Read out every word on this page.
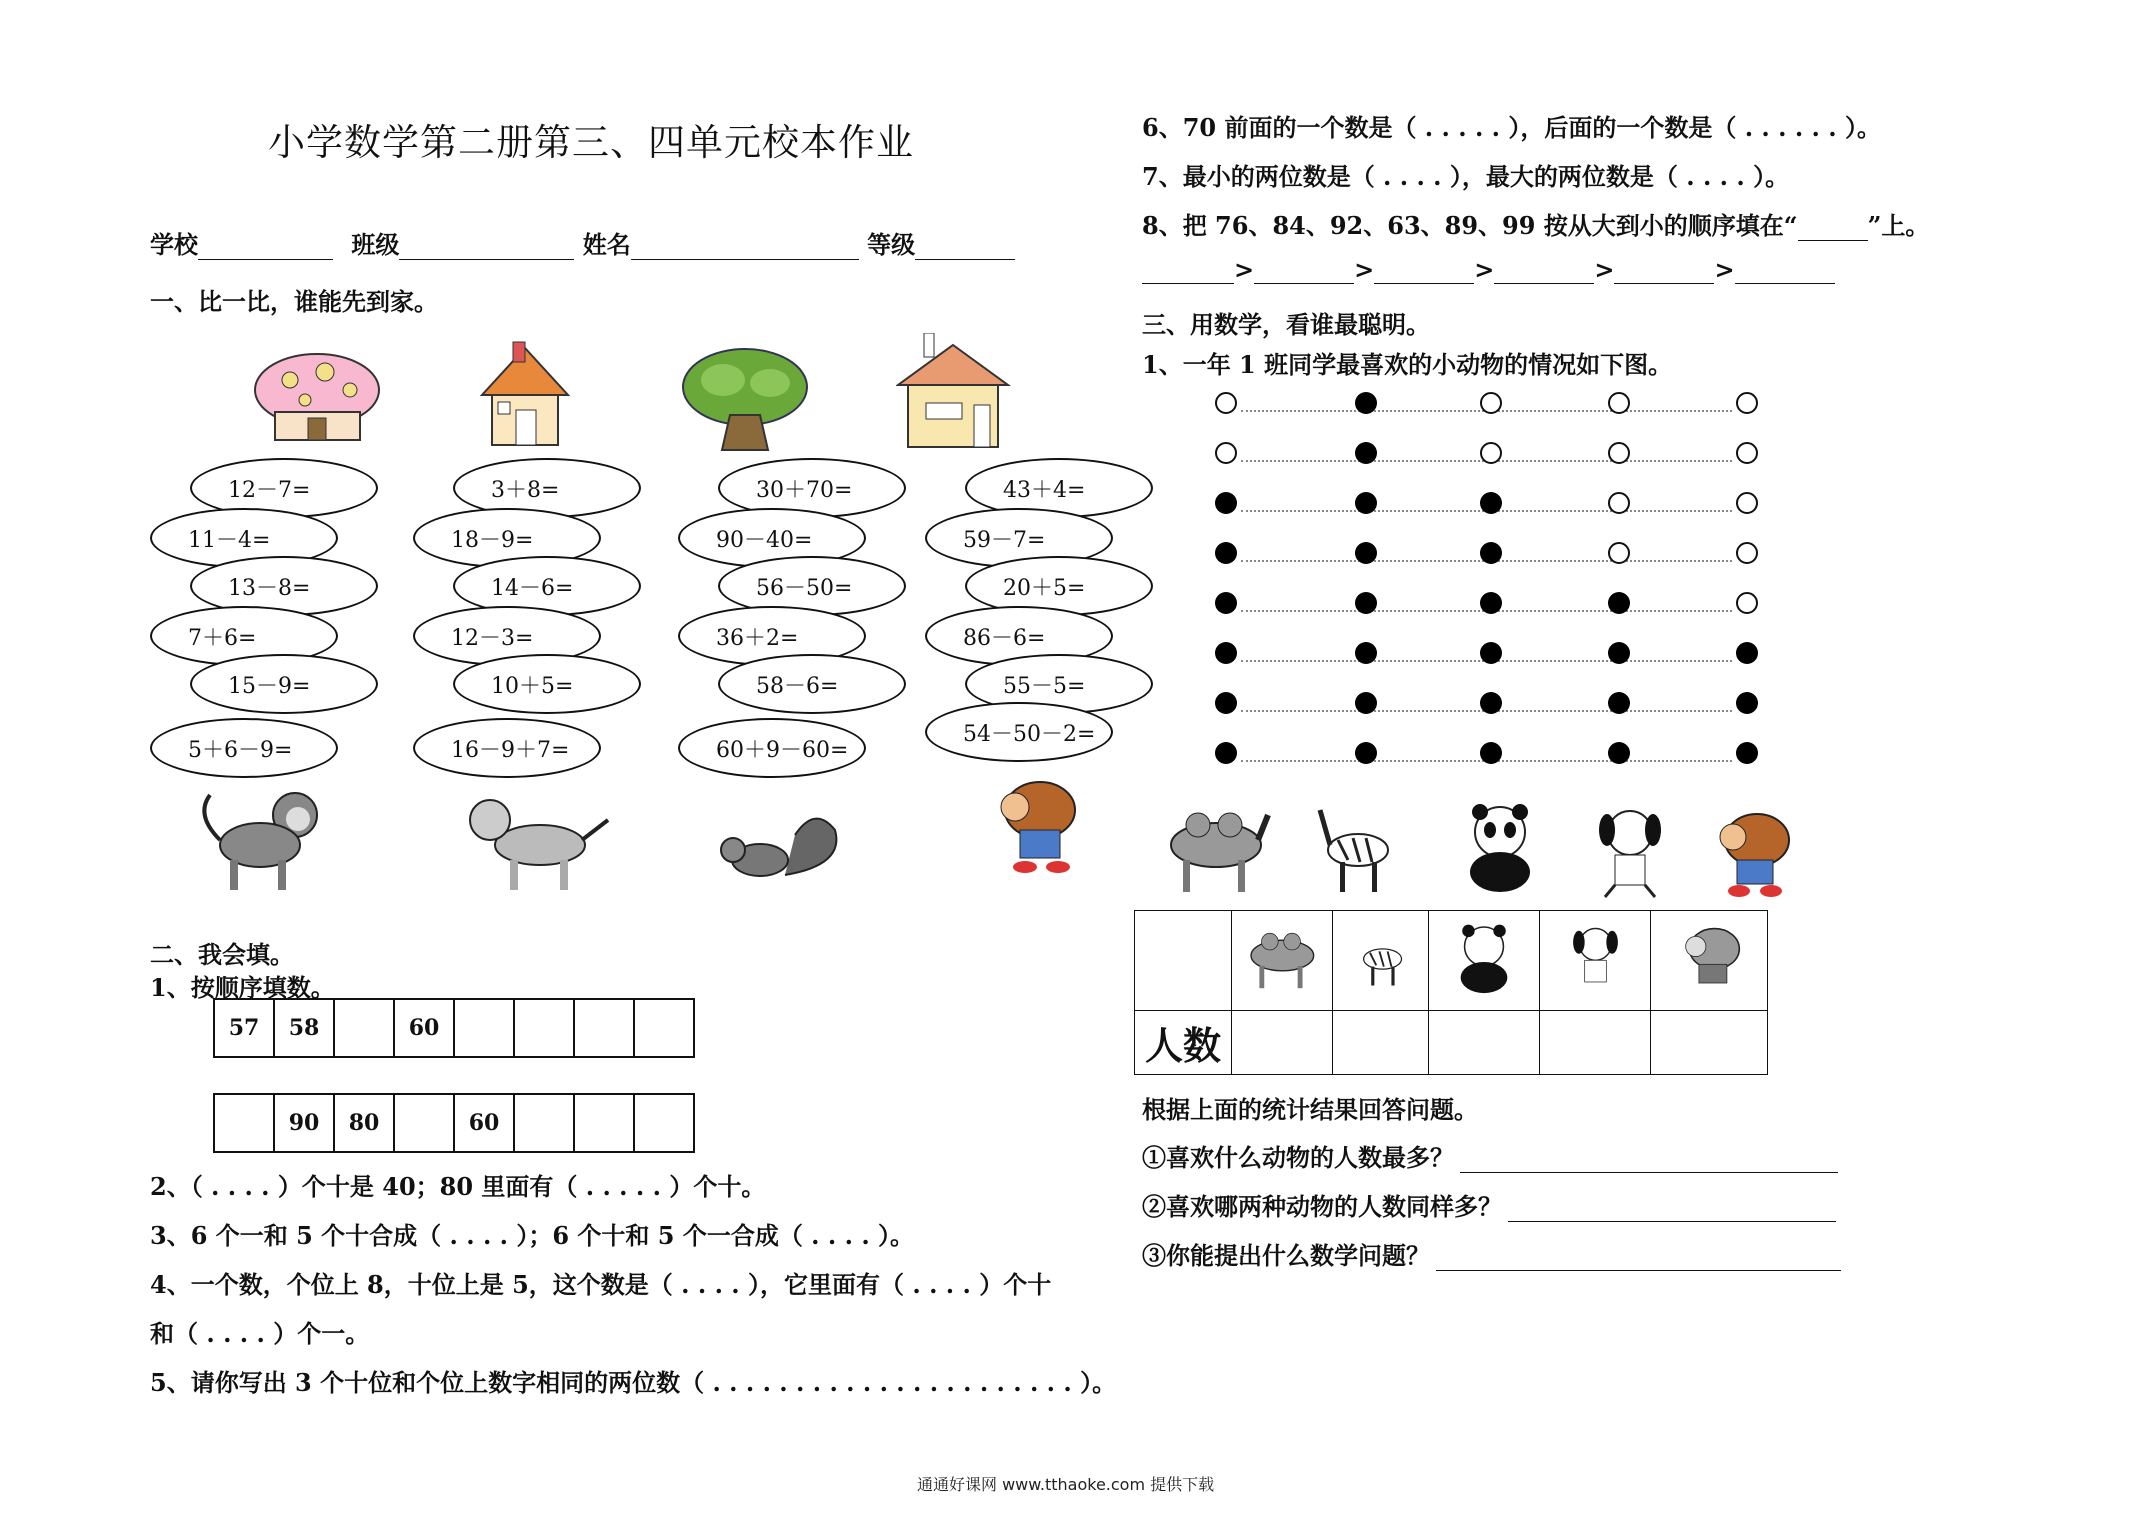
小学数学第二册第三、四单元校本作业
学校	班级	姓名	等级
一、比一比，谁能先到家。
12－7=
11－4=
13－8=
7＋6=
15－9=
5＋6－9=
3＋8=
18－9=
14－6=
12－3=
10＋5=
16－9＋7=
30＋70=
90－40=
56－50=
36＋2=
58－6=
60＋9－60=
43＋4=
59－7=
20＋5=
86－6=
55－5=
54－50－2=
二、我会填。
1、按顺序填数。
57	58		60				
	90	80		60			
2、（ . . . . ）个十是 40；80 里面有（ . . . . . ）个十。
3、6 个一和 5 个十合成（ . . . . ）；6 个十和 5 个一合成（ . . . . ）。
4、一个数，个位上 8，十位上是 5，这个数是（ . . . . ），它里面有（ . . . . ）个十
和（ . . . . ）个一。
5、请你写出 3 个十位和个位上数字相同的两位数（ . . . . . . . . . . . . . . . . . . . . . . ）。
6、70 前面的一个数是（ . . . . . ），后面的一个数是（ . . . . . . ）。
7、最小的两位数是（ . . . . ），最大的两位数是（ . . . . ）。
8、把 76、84、92、63、89、99 按从大到小的顺序填在“	”上。
>	>	>	>	>
三、用数学，看谁最聪明。
1、一年 1 班同学最喜欢的小动物的情况如下图。

人数					
根据上面的统计结果回答问题。
①喜欢什么动物的人数最多？
②喜欢哪两种动物的人数同样多？
③你能提出什么数学问题？
通通好课网 www.tthaoke.com 提供下载
